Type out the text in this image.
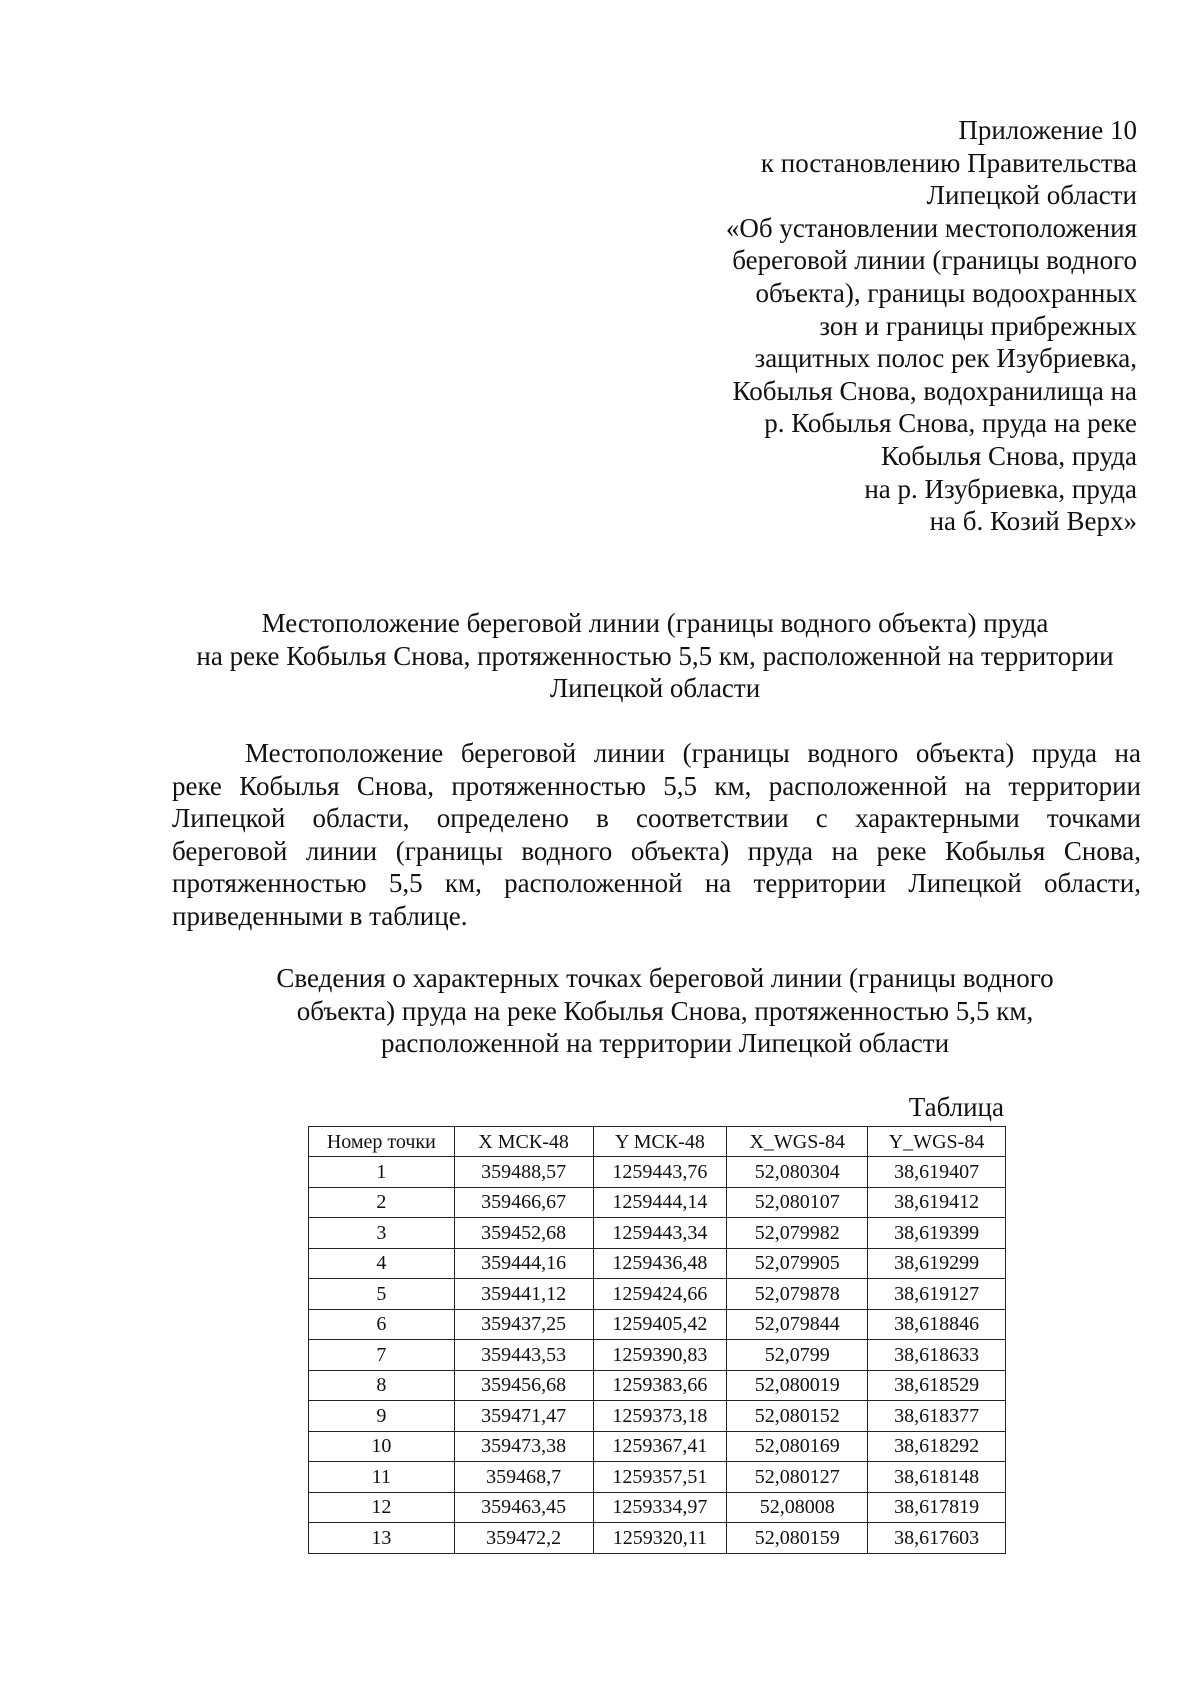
Приложение 10
к постановлению Правительства
Липецкой области
«Об установлении местоположения
береговой линии (границы водного
объекта), границы водоохранных
зон и границы прибрежных
защитных полос рек Изубриевка,
Кобылья Снова, водохранилища на
р. Кобылья Снова, пруда на реке
Кобылья Снова, пруда
на р. Изубриевка, пруда
на б. Козий Верх»
Местоположение береговой линии (границы водного объекта) пруда
на реке Кобылья Снова, протяженностью 5,5 км, расположенной на территории
Липецкой области
Местоположение береговой линии (границы водного объекта) пруда на
реке Кобылья Снова, протяженностью 5,5 км, расположенной на территории
Липецкой области, определено в соответствии с характерными точками
береговой линии (границы водного объекта) пруда на реке Кобылья Снова,
протяженностью 5,5 км, расположенной на территории Липецкой области,
приведенными в таблице.
Сведения о характерных точках береговой линии (границы водного
объекта) пруда на реке Кобылья Снова, протяженностью 5,5 км,
расположенной на территории Липецкой области
Таблица
Номер точки	X МСК-48	Y МСК-48	X_WGS-84	Y_WGS-84
1	359488,57	1259443,76	52,080304	38,619407
2	359466,67	1259444,14	52,080107	38,619412
3	359452,68	1259443,34	52,079982	38,619399
4	359444,16	1259436,48	52,079905	38,619299
5	359441,12	1259424,66	52,079878	38,619127
6	359437,25	1259405,42	52,079844	38,618846
7	359443,53	1259390,83	52,0799	38,618633
8	359456,68	1259383,66	52,080019	38,618529
9	359471,47	1259373,18	52,080152	38,618377
10	359473,38	1259367,41	52,080169	38,618292
11	359468,7	1259357,51	52,080127	38,618148
12	359463,45	1259334,97	52,08008	38,617819
13	359472,2	1259320,11	52,080159	38,617603
